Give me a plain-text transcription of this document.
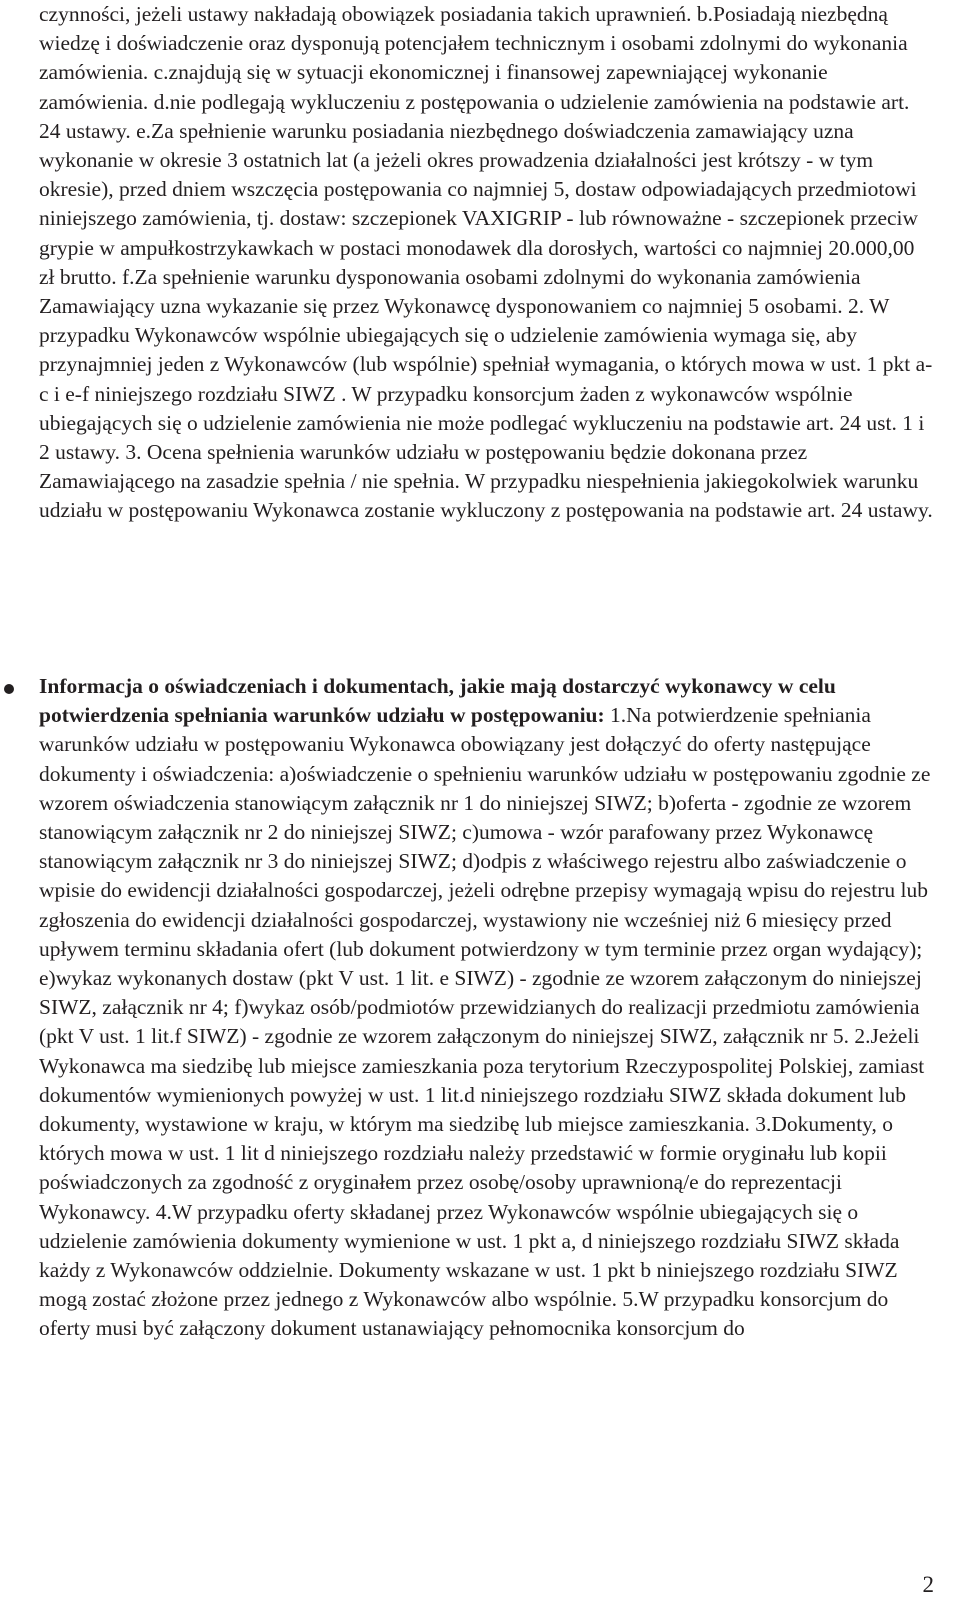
czynności, jeżeli ustawy nakładają obowiązek posiadania takich uprawnień. b.Posiadają niezbędną wiedzę i doświadczenie oraz dysponują potencjałem technicznym i osobami zdolnymi do wykonania zamówienia. c.znajdują się w sytuacji ekonomicznej i finansowej zapewniającej wykonanie zamówienia. d.nie podlegają wykluczeniu z postępowania o udzielenie zamówienia na podstawie art. 24 ustawy. e.Za spełnienie warunku posiadania niezbędnego doświadczenia zamawiający uzna wykonanie w okresie 3 ostatnich lat (a jeżeli okres prowadzenia działalności jest krótszy - w tym okresie), przed dniem wszczęcia postępowania co najmniej 5, dostaw odpowiadających przedmiotowi niniejszego zamówienia, tj. dostaw: szczepionek VAXIGRIP - lub równoważne - szczepionek przeciw grypie w ampułkostrzykawkach w postaci monodawek dla dorosłych, wartości co najmniej 20.000,00 zł brutto. f.Za spełnienie warunku dysponowania osobami zdolnymi do wykonania zamówienia Zamawiający uzna wykazanie się przez Wykonawcę dysponowaniem co najmniej 5 osobami. 2. W przypadku Wykonawców wspólnie ubiegających się o udzielenie zamówienia wymaga się, aby przynajmniej jeden z Wykonawców (lub wspólnie) spełniał wymagania, o których mowa w ust. 1 pkt a-c i e-f niniejszego rozdziału SIWZ . W przypadku konsorcjum żaden z wykonawców wspólnie ubiegających się o udzielenie zamówienia nie może podlegać wykluczeniu na podstawie art. 24 ust. 1 i 2 ustawy. 3. Ocena spełnienia warunków udziału w postępowaniu będzie dokonana przez Zamawiającego na zasadzie spełnia / nie spełnia. W przypadku niespełnienia jakiegokolwiek warunku udziału w postępowaniu Wykonawca zostanie wykluczony z postępowania na podstawie art. 24 ustawy.

Informacja o oświadczeniach i dokumentach, jakie mają dostarczyć wykonawcy w celu potwierdzenia spełniania warunków udziału w postępowaniu: 1.Na potwierdzenie spełniania warunków udziału w postępowaniu Wykonawca obowiązany jest dołączyć do oferty następujące dokumenty i oświadczenia: a)oświadczenie o spełnieniu warunków udziału w postępowaniu zgodnie ze wzorem oświadczenia stanowiącym załącznik nr 1 do niniejszej SIWZ; b)oferta - zgodnie ze wzorem stanowiącym załącznik nr 2 do niniejszej SIWZ; c)umowa - wzór parafowany przez Wykonawcę stanowiącym załącznik nr 3 do niniejszej SIWZ; d)odpis z właściwego rejestru albo zaświadczenie o wpisie do ewidencji działalności gospodarczej, jeżeli odrębne przepisy wymagają wpisu do rejestru lub zgłoszenia do ewidencji działalności gospodarczej, wystawiony nie wcześniej niż 6 miesięcy przed upływem terminu składania ofert (lub dokument potwierdzony w tym terminie przez organ wydający); e)wykaz wykonanych dostaw (pkt V ust. 1 lit. e SIWZ) - zgodnie ze wzorem załączonym do niniejszej SIWZ, załącznik nr 4; f)wykaz osób/podmiotów przewidzianych do realizacji przedmiotu zamówienia (pkt V ust. 1 lit.f SIWZ) - zgodnie ze wzorem załączonym do niniejszej SIWZ, załącznik nr 5. 2.Jeżeli Wykonawca ma siedzibę lub miejsce zamieszkania poza terytorium Rzeczypospolitej Polskiej, zamiast dokumentów wymienionych powyżej w ust. 1 lit.d niniejszego rozdziału SIWZ składa dokument lub dokumenty, wystawione w kraju, w którym ma siedzibę lub miejsce zamieszkania. 3.Dokumenty, o których mowa w ust. 1 lit d niniejszego rozdziału należy przedstawić w formie oryginału lub kopii poświadczonych za zgodność z oryginałem przez osobę/osoby uprawnioną/e do reprezentacji Wykonawcy. 4.W przypadku oferty składanej przez Wykonawców wspólnie ubiegających się o udzielenie zamówienia dokumenty wymienione w ust. 1 pkt a, d niniejszego rozdziału SIWZ składa każdy z Wykonawców oddzielnie. Dokumenty wskazane w ust. 1 pkt b niniejszego rozdziału SIWZ mogą zostać złożone przez jednego z Wykonawców albo wspólnie. 5.W przypadku konsorcjum do oferty musi być załączony dokument ustanawiający pełnomocnika konsorcjum do

2
